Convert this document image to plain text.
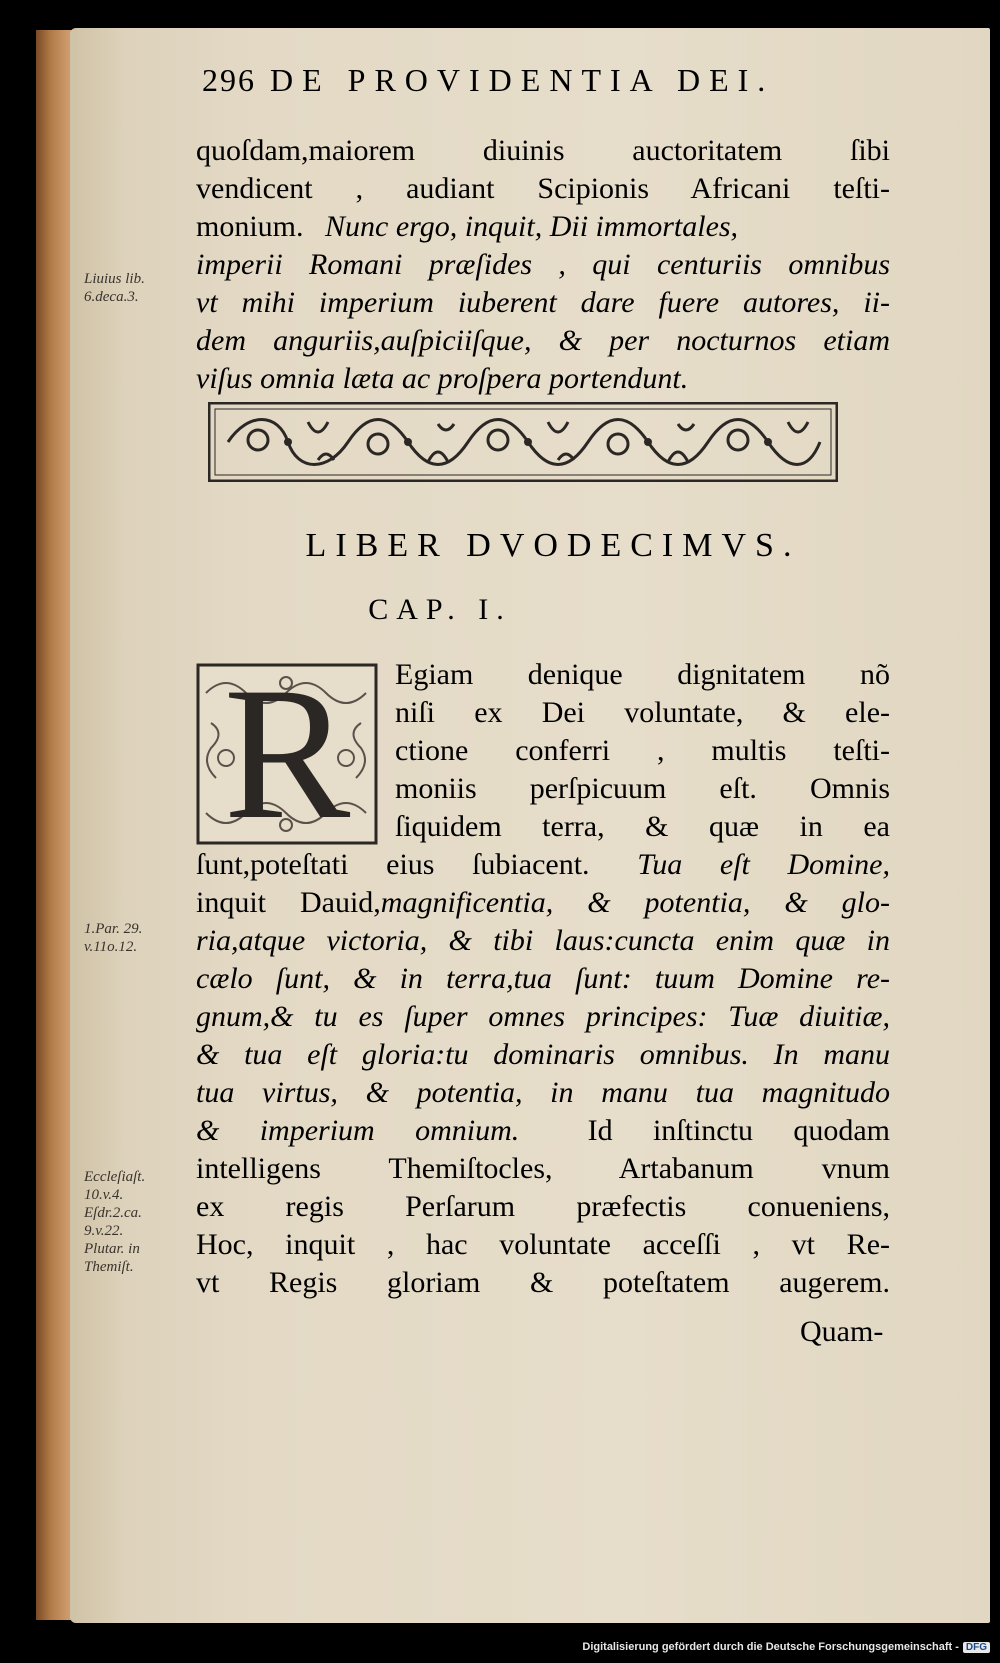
296 DE PROVIDENTIA DEI.
quoſdam,maiorem diuinis auctoritatem ſibi
vendicent , audiant Scipionis Africani teſti-
monium. Nunc ergo, inquit, Dii immortales,
imperii Romani præſides , qui centuriis omnibus
vt mihi imperium iuberent dare fuere autores, ii-
dem anguriis,auſpiciiſque, & per nocturnos etiam
viſus omnia læta ac proſpera portendunt.
Liuius lib.
6.deca.3.
LIBER DVODECIMVS.
CAP. I.
R	Egiam denique dignitatem nõ
niſi ex Dei voluntate, & ele-
ctione conferri , multis teſti-
moniis perſpicuum eſt. Omnis
ſiquidem terra, & quæ in ea
ſunt,poteſtati eius ſubiacent. Tua eſt Domine,
inquit Dauid,magnificentia, & potentia, & glo-
ria,atque victoria, & tibi laus:cuncta enim quæ in
cælo ſunt, & in terra,tua ſunt: tuum Domine re-
gnum,& tu es ſuper omnes principes: Tuæ diuitiæ,
& tua eſt gloria:tu dominaris omnibus. In manu
tua virtus, & potentia, in manu tua magnitudo
& imperium omnium. Id inſtinctu quodam
intelligens Themiſtocles, Artabanum vnum
ex regis Perſarum præfectis conueniens,
Hoc, inquit , hac voluntate acceſſi , vt Re-
vt Regis gloriam & poteſtatem augerem.
1.Par. 29.
v.11o.12.
Eccleſiaſt.
10.v.4.
Eſdr.2.ca.
9.v.22.
Plutar. in
Themiſt.
Quam-
Digitalisierung gefördert durch die Deutsche Forschungsgemeinschaft - DFG
